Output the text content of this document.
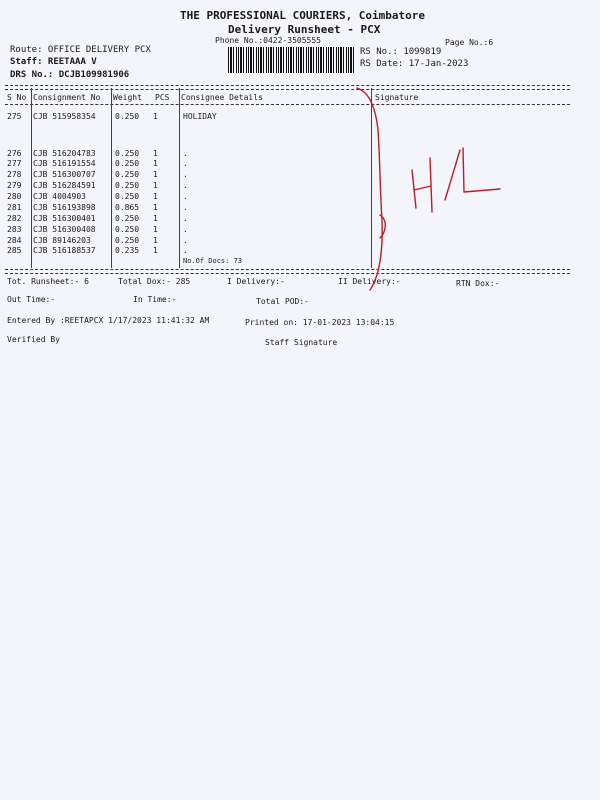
THE PROFESSIONAL COURIERS, Coimbatore
Delivery Runsheet - PCX
Phone No.:0422-3505555	Page No.:6
Route: OFFICE DELIVERY PCX
Staff: REETAAA V
DRS No.: DCJB109981906
RS No.: 1099819
RS Date: 17-Jan-2023
S No Consignment No Weight PCS Consignee Details	Signature
275 CJB 515958354 0.250 1	HOLIDAY
276 CJB 516204783 0.250 1	.
277 CJB 516191554 0.250 1	.
278 CJB 516300707 0.250 1	.
279 CJB 516284591 0.250 1	.
280 CJB 4004903	0.250 1	.
281 CJB 516193898 0.865 1	.
282 CJB 516300401 0.250 1	.
283 CJB 516300408 0.250 1	.
284 CJB 89146203	0.250 1	.
285 CJB 516188537 0.235 1	.
No.Of Docs: 73
Tot. Runsheet:- 6	Total Dox:- 285	I Delivery:-	II Delivery:-	RTN Dox:-
Out Time:-	In Time:-	Total POD:-
Entered By :REETAPCX 1/17/2023 11:41:32 AM	Printed on: 17-01-2023 13:04:15
Verified By	Staff Signature
